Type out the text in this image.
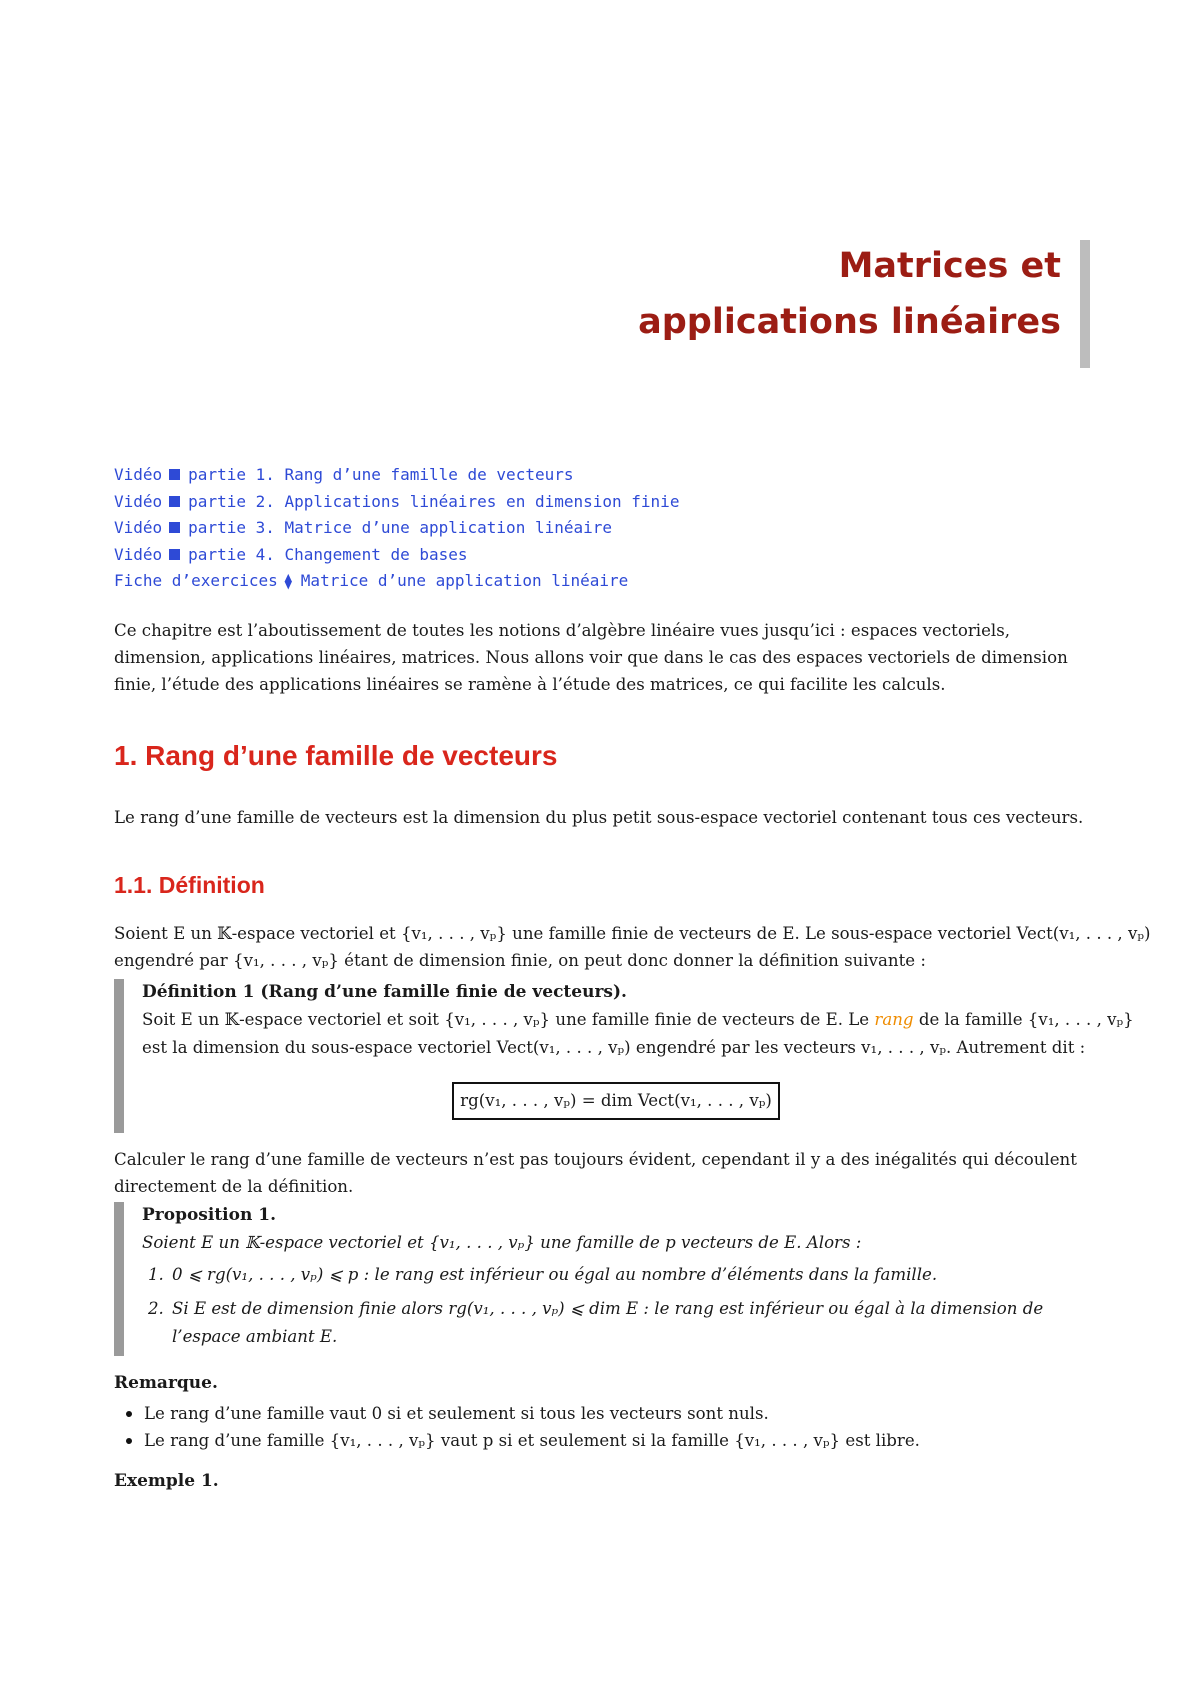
Matrices et
applications linéaires
Vidéo partie 1. Rang d’une famille de vecteurs
Vidéo partie 2. Applications linéaires en dimension finie
Vidéo partie 3. Matrice d’une application linéaire
Vidéo partie 4. Changement de bases
Fiche d’exercices ⧫ Matrice d’une application linéaire
Ce chapitre est l’aboutissement de toutes les notions d’algèbre linéaire vues jusqu’ici : espaces vectoriels, dimension, applications linéaires, matrices. Nous allons voir que dans le cas des espaces vectoriels de dimension finie, l’étude des applications linéaires se ramène à l’étude des matrices, ce qui facilite les calculs.
1. Rang d’une famille de vecteurs
Le rang d’une famille de vecteurs est la dimension du plus petit sous-espace vectoriel contenant tous ces vecteurs.
1.1. Définition
Soient E un 𝕂-espace vectoriel et {v₁, . . . , vₚ} une famille finie de vecteurs de E. Le sous-espace vectoriel Vect(v₁, . . . , vₚ)
engendré par {v₁, . . . , vₚ} étant de dimension finie, on peut donc donner la définition suivante :
Définition 1 (Rang d’une famille finie de vecteurs).
Soit E un 𝕂-espace vectoriel et soit {v₁, . . . , vₚ} une famille finie de vecteurs de E. Le rang de la famille {v₁, . . . , vₚ}
est la dimension du sous-espace vectoriel Vect(v₁, . . . , vₚ) engendré par les vecteurs v₁, . . . , vₚ. Autrement dit :
rg(v₁, . . . , vₚ) = dim Vect(v₁, . . . , vₚ)
Calculer le rang d’une famille de vecteurs n’est pas toujours évident, cependant il y a des inégalités qui découlent directement de la définition.
Proposition 1.
Soient E un 𝕂-espace vectoriel et {v₁, . . . , vₚ} une famille de p vecteurs de E. Alors :
1. 0 ⩽ rg(v₁, . . . , vₚ) ⩽ p : le rang est inférieur ou égal au nombre d’éléments dans la famille.
2. Si E est de dimension finie alors rg(v₁, . . . , vₚ) ⩽ dim E : le rang est inférieur ou égal à la dimension de l’espace ambiant E.
Remarque.
Le rang d’une famille vaut 0 si et seulement si tous les vecteurs sont nuls.
Le rang d’une famille {v₁, . . . , vₚ} vaut p si et seulement si la famille {v₁, . . . , vₚ} est libre.
Exemple 1.
